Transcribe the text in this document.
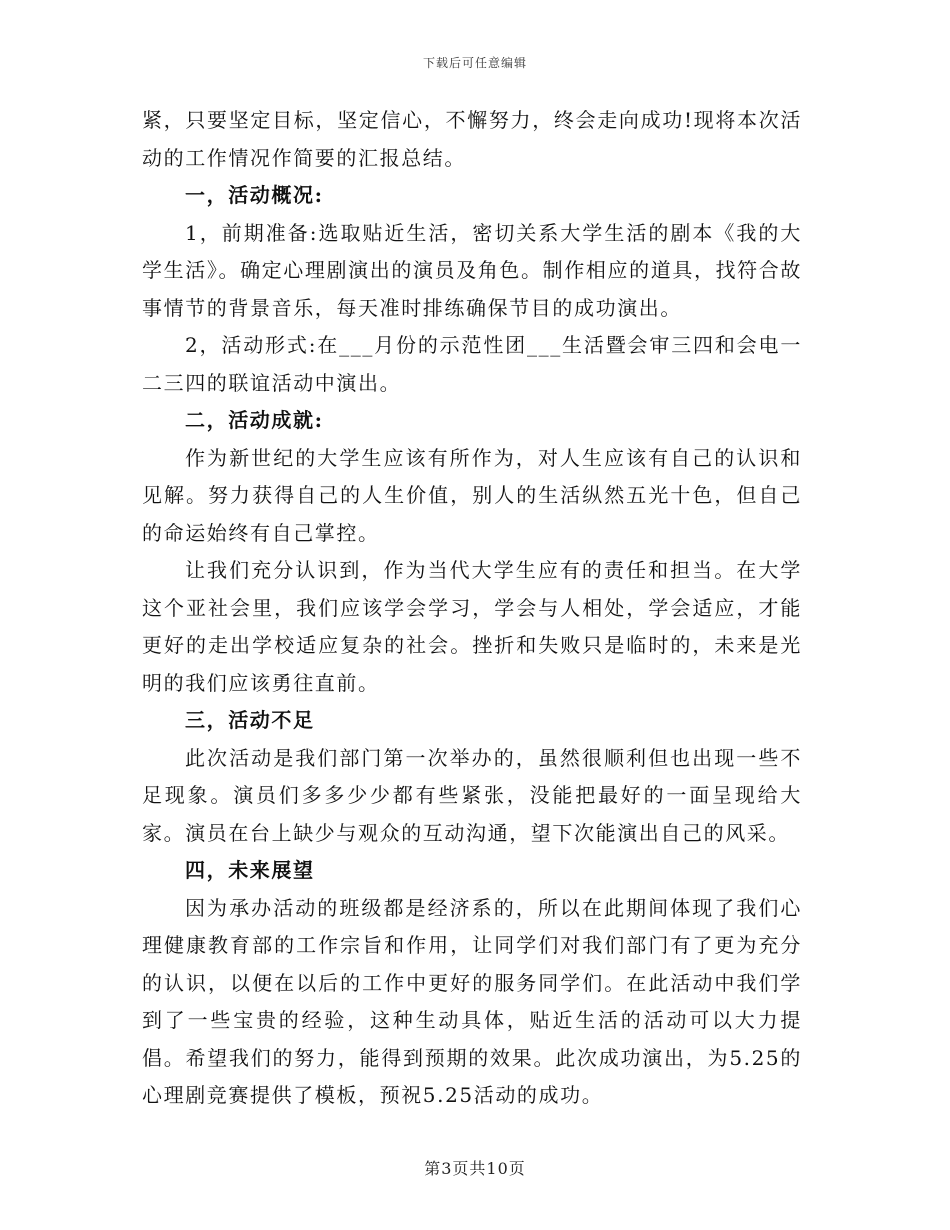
下载后可任意编辑

紧，只要坚定目标，坚定信心，不懈努力，终会走向成功!现将本次活动的工作情况作简要的汇报总结。

一，活动概况:

1，前期准备:选取贴近生活，密切关系大学生活的剧本《我的大学生活》。确定心理剧演出的演员及角色。制作相应的道具，找符合故事情节的背景音乐，每天准时排练确保节目的成功演出。

2，活动形式:在___月份的示范性团___生活暨会审三四和会电一二三四的联谊活动中演出。

二，活动成就:

作为新世纪的大学生应该有所作为，对人生应该有自己的认识和见解。努力获得自己的人生价值，别人的生活纵然五光十色，但自己的命运始终有自己掌控。

让我们充分认识到，作为当代大学生应有的责任和担当。在大学这个亚社会里，我们应该学会学习，学会与人相处，学会适应，才能更好的走出学校适应复杂的社会。挫折和失败只是临时的，未来是光明的我们应该勇往直前。

三，活动不足

此次活动是我们部门第一次举办的，虽然很顺利但也出现一些不足现象。演员们多多少少都有些紧张，没能把最好的一面呈现给大家。演员在台上缺少与观众的互动沟通，望下次能演出自己的风采。

四，未来展望

因为承办活动的班级都是经济系的，所以在此期间体现了我们心理健康教育部的工作宗旨和作用，让同学们对我们部门有了更为充分的认识，以便在以后的工作中更好的服务同学们。在此活动中我们学到了一些宝贵的经验，这种生动具体，贴近生活的活动可以大力提倡。希望我们的努力，能得到预期的效果。此次成功演出，为5.25的心理剧竞赛提供了模板，预祝5.25活动的成功。

第3页共10页
